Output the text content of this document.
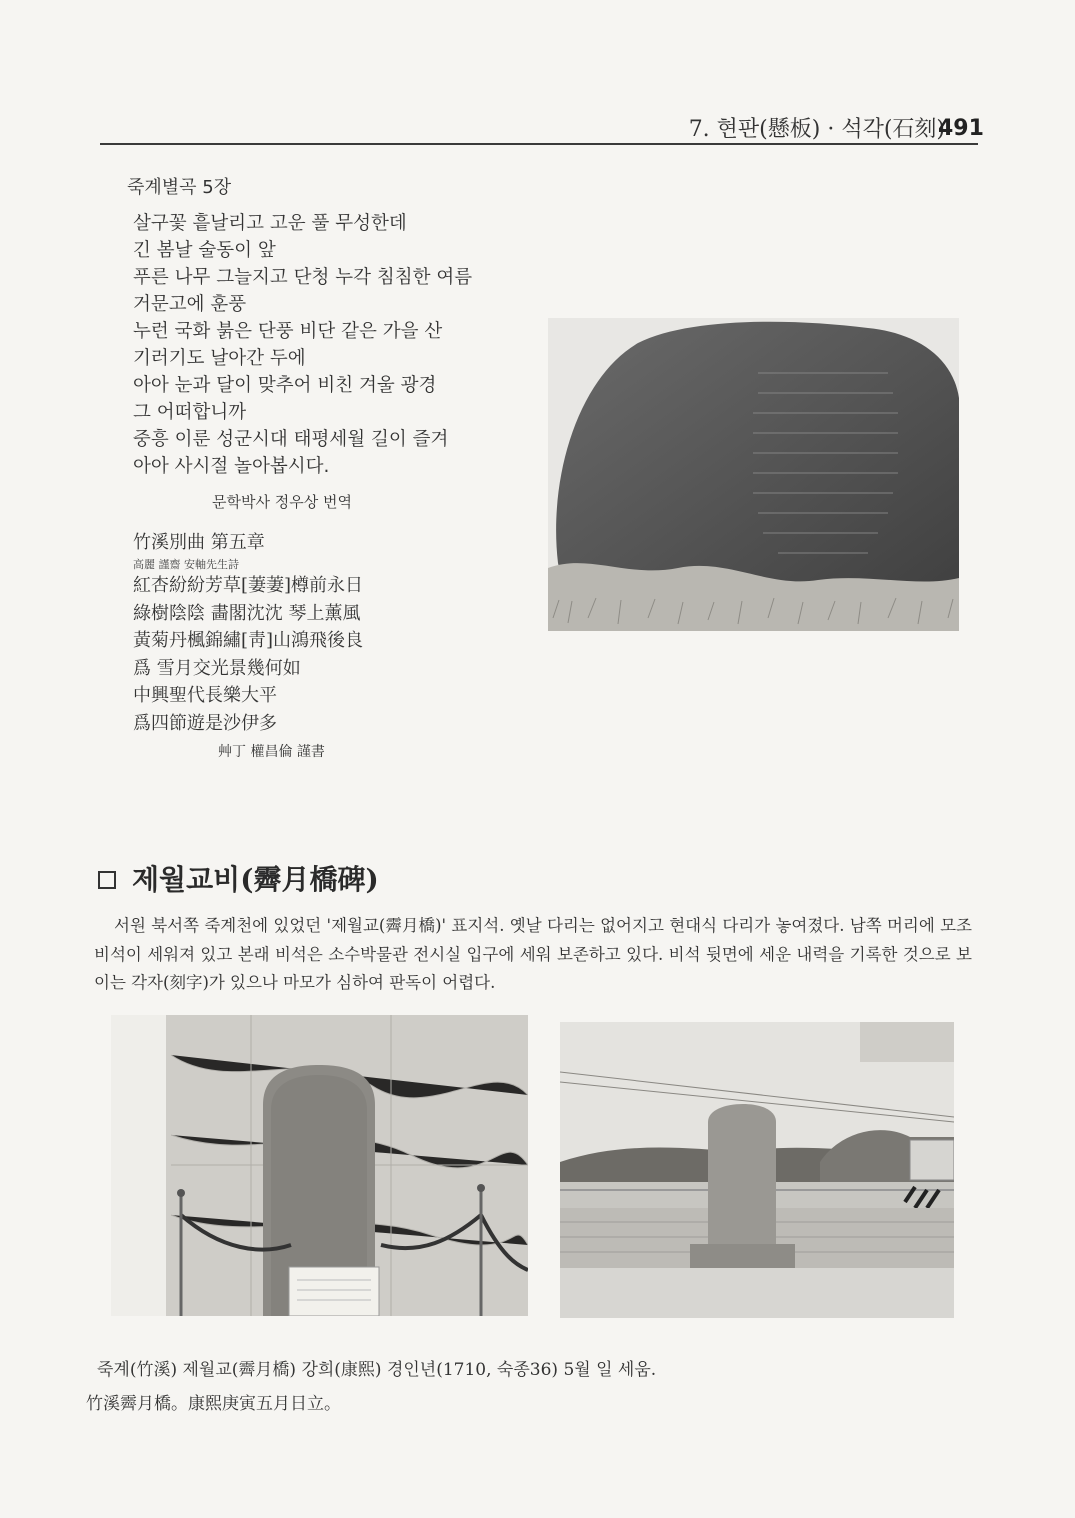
7. 현판(懸板) · 석각(石刻)
491
죽계별곡 5장
살구꽃 흩날리고 고운 풀 무성한데
긴 봄날 술동이 앞
푸른 나무 그늘지고 단청 누각 침침한 여름
거문고에 훈풍
누런 국화 붉은 단풍 비단 같은 가을 산
기러기도 날아간 두에
아아 눈과 달이 맞추어 비친 겨울 광경
그 어떠합니까
중흥 이룬 성군시대 태평세월 길이 즐겨
아아 사시절 놀아봅시다.
문학박사 정우상 번역
竹溪別曲 第五章
高麗 謹齋 安軸先生詩
紅杏紛紛芳草[萋萋]樽前永日
綠樹陰陰 畵閣沈沈 琴上薰風
黃菊丹楓錦繡[靑]山鴻飛後良
爲 雪月交光景幾何如
中興聖代長樂大平
爲四節遊是沙伊多
艸丁 權昌倫 謹書
제월교비(霽月橋碑)
서원 북서쪽 죽계천에 있었던 '제월교(霽月橋)' 표지석. 옛날 다리는 없어지고 현대식 다리가 놓여졌다. 남쪽 머리에 모조 비석이 세워져 있고 본래 비석은 소수박물관 전시실 입구에 세워 보존하고 있다. 비석 뒷면에 세운 내력을 기록한 것으로 보이는 각자(刻字)가 있으나 마모가 심하여 판독이 어렵다.
죽계(竹溪) 제월교(霽月橋) 강희(康熙) 경인년(1710, 숙종36) 5월 일 세움.
竹溪霽月橋。康熙庚寅五月日立。
